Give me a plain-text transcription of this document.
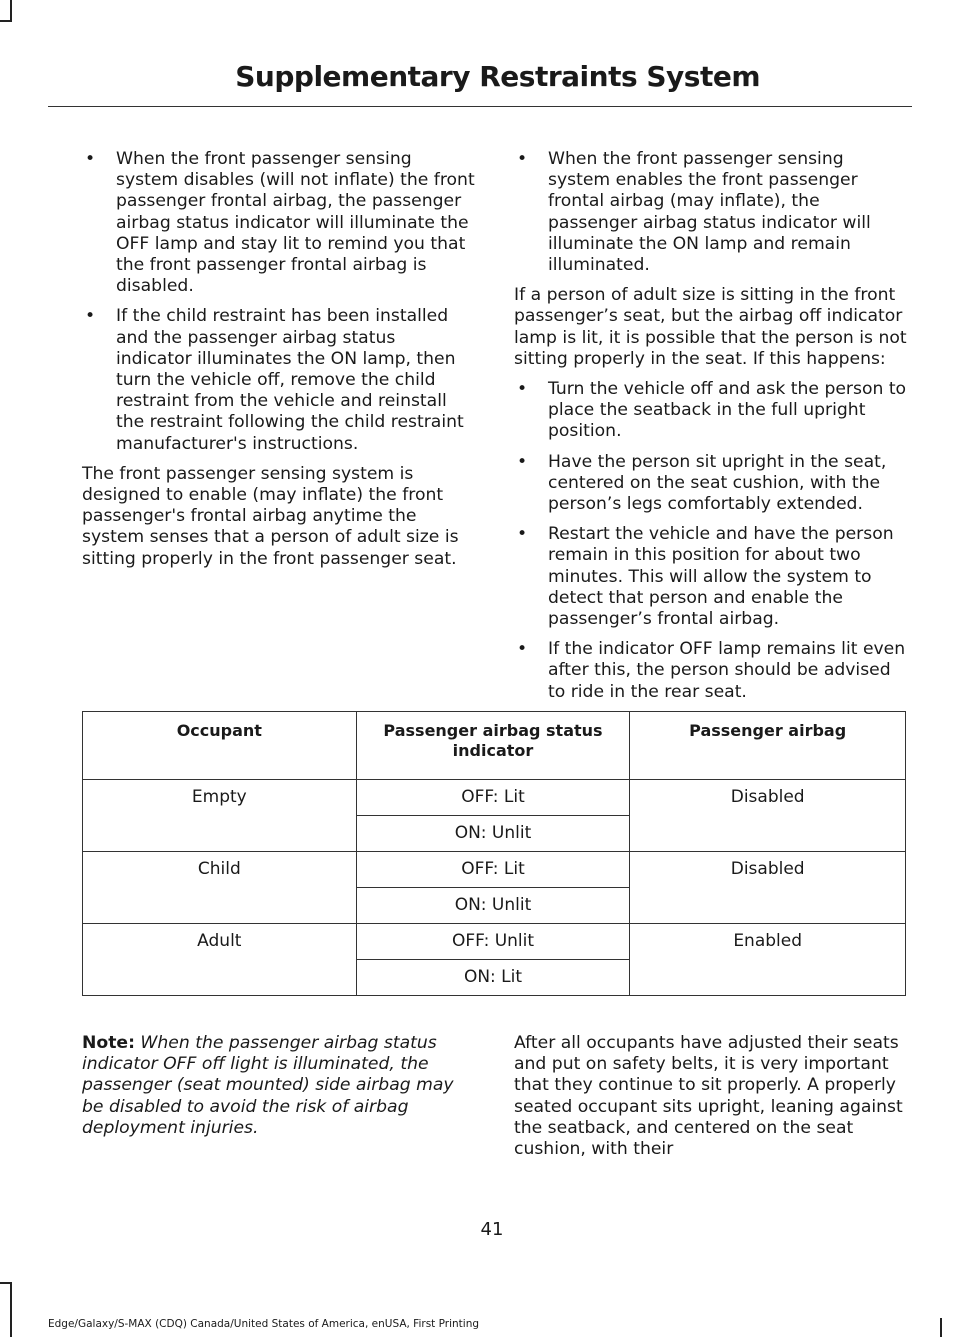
Supplementary Restraints System
• When the front passenger sensing system disables (will not inflate) the front passenger frontal airbag, the passenger airbag status indicator will illuminate the OFF lamp and stay lit to remind you that the front passenger frontal airbag is disabled.
• If the child restraint has been installed and the passenger airbag status indicator illuminates the ON lamp, then turn the vehicle off, remove the child restraint from the vehicle and reinstall the restraint following the child restraint manufacturer's instructions.

The front passenger sensing system is designed to enable (may inflate) the front passenger's frontal airbag anytime the system senses that a person of adult size is sitting properly in the front passenger seat.

• When the front passenger sensing system enables the front passenger frontal airbag (may inflate), the passenger airbag status indicator will illuminate the ON lamp and remain illuminated.

If a person of adult size is sitting in the front passenger’s seat, but the airbag off indicator lamp is lit, it is possible that the person is not sitting properly in the seat. If this happens:

• Turn the vehicle off and ask the person to place the seatback in the full upright position.
• Have the person sit upright in the seat, centered on the seat cushion, with the person’s legs comfortably extended.
• Restart the vehicle and have the person remain in this position for about two minutes. This will allow the system to detect that person and enable the passenger’s frontal airbag.
• If the indicator OFF lamp remains lit even after this, the person should be advised to ride in the rear seat.
Occupant	Passenger airbag status indicator	Passenger airbag
Empty	OFF: Lit	Disabled
	ON: Unlit	
Child	OFF: Lit	Disabled
	ON: Unlit	
Adult	OFF: Unlit	Enabled
	ON: Lit	
Note: When the passenger airbag status indicator OFF off light is illuminated, the passenger (seat mounted) side airbag may be disabled to avoid the risk of airbag deployment injuries.
After all occupants have adjusted their seats and put on safety belts, it is very important that they continue to sit properly. A properly seated occupant sits upright, leaning against the seatback, and centered on the seat cushion, with their
41
Edge/Galaxy/S-MAX (CDQ) Canada/United States of America, enUSA, First Printing
